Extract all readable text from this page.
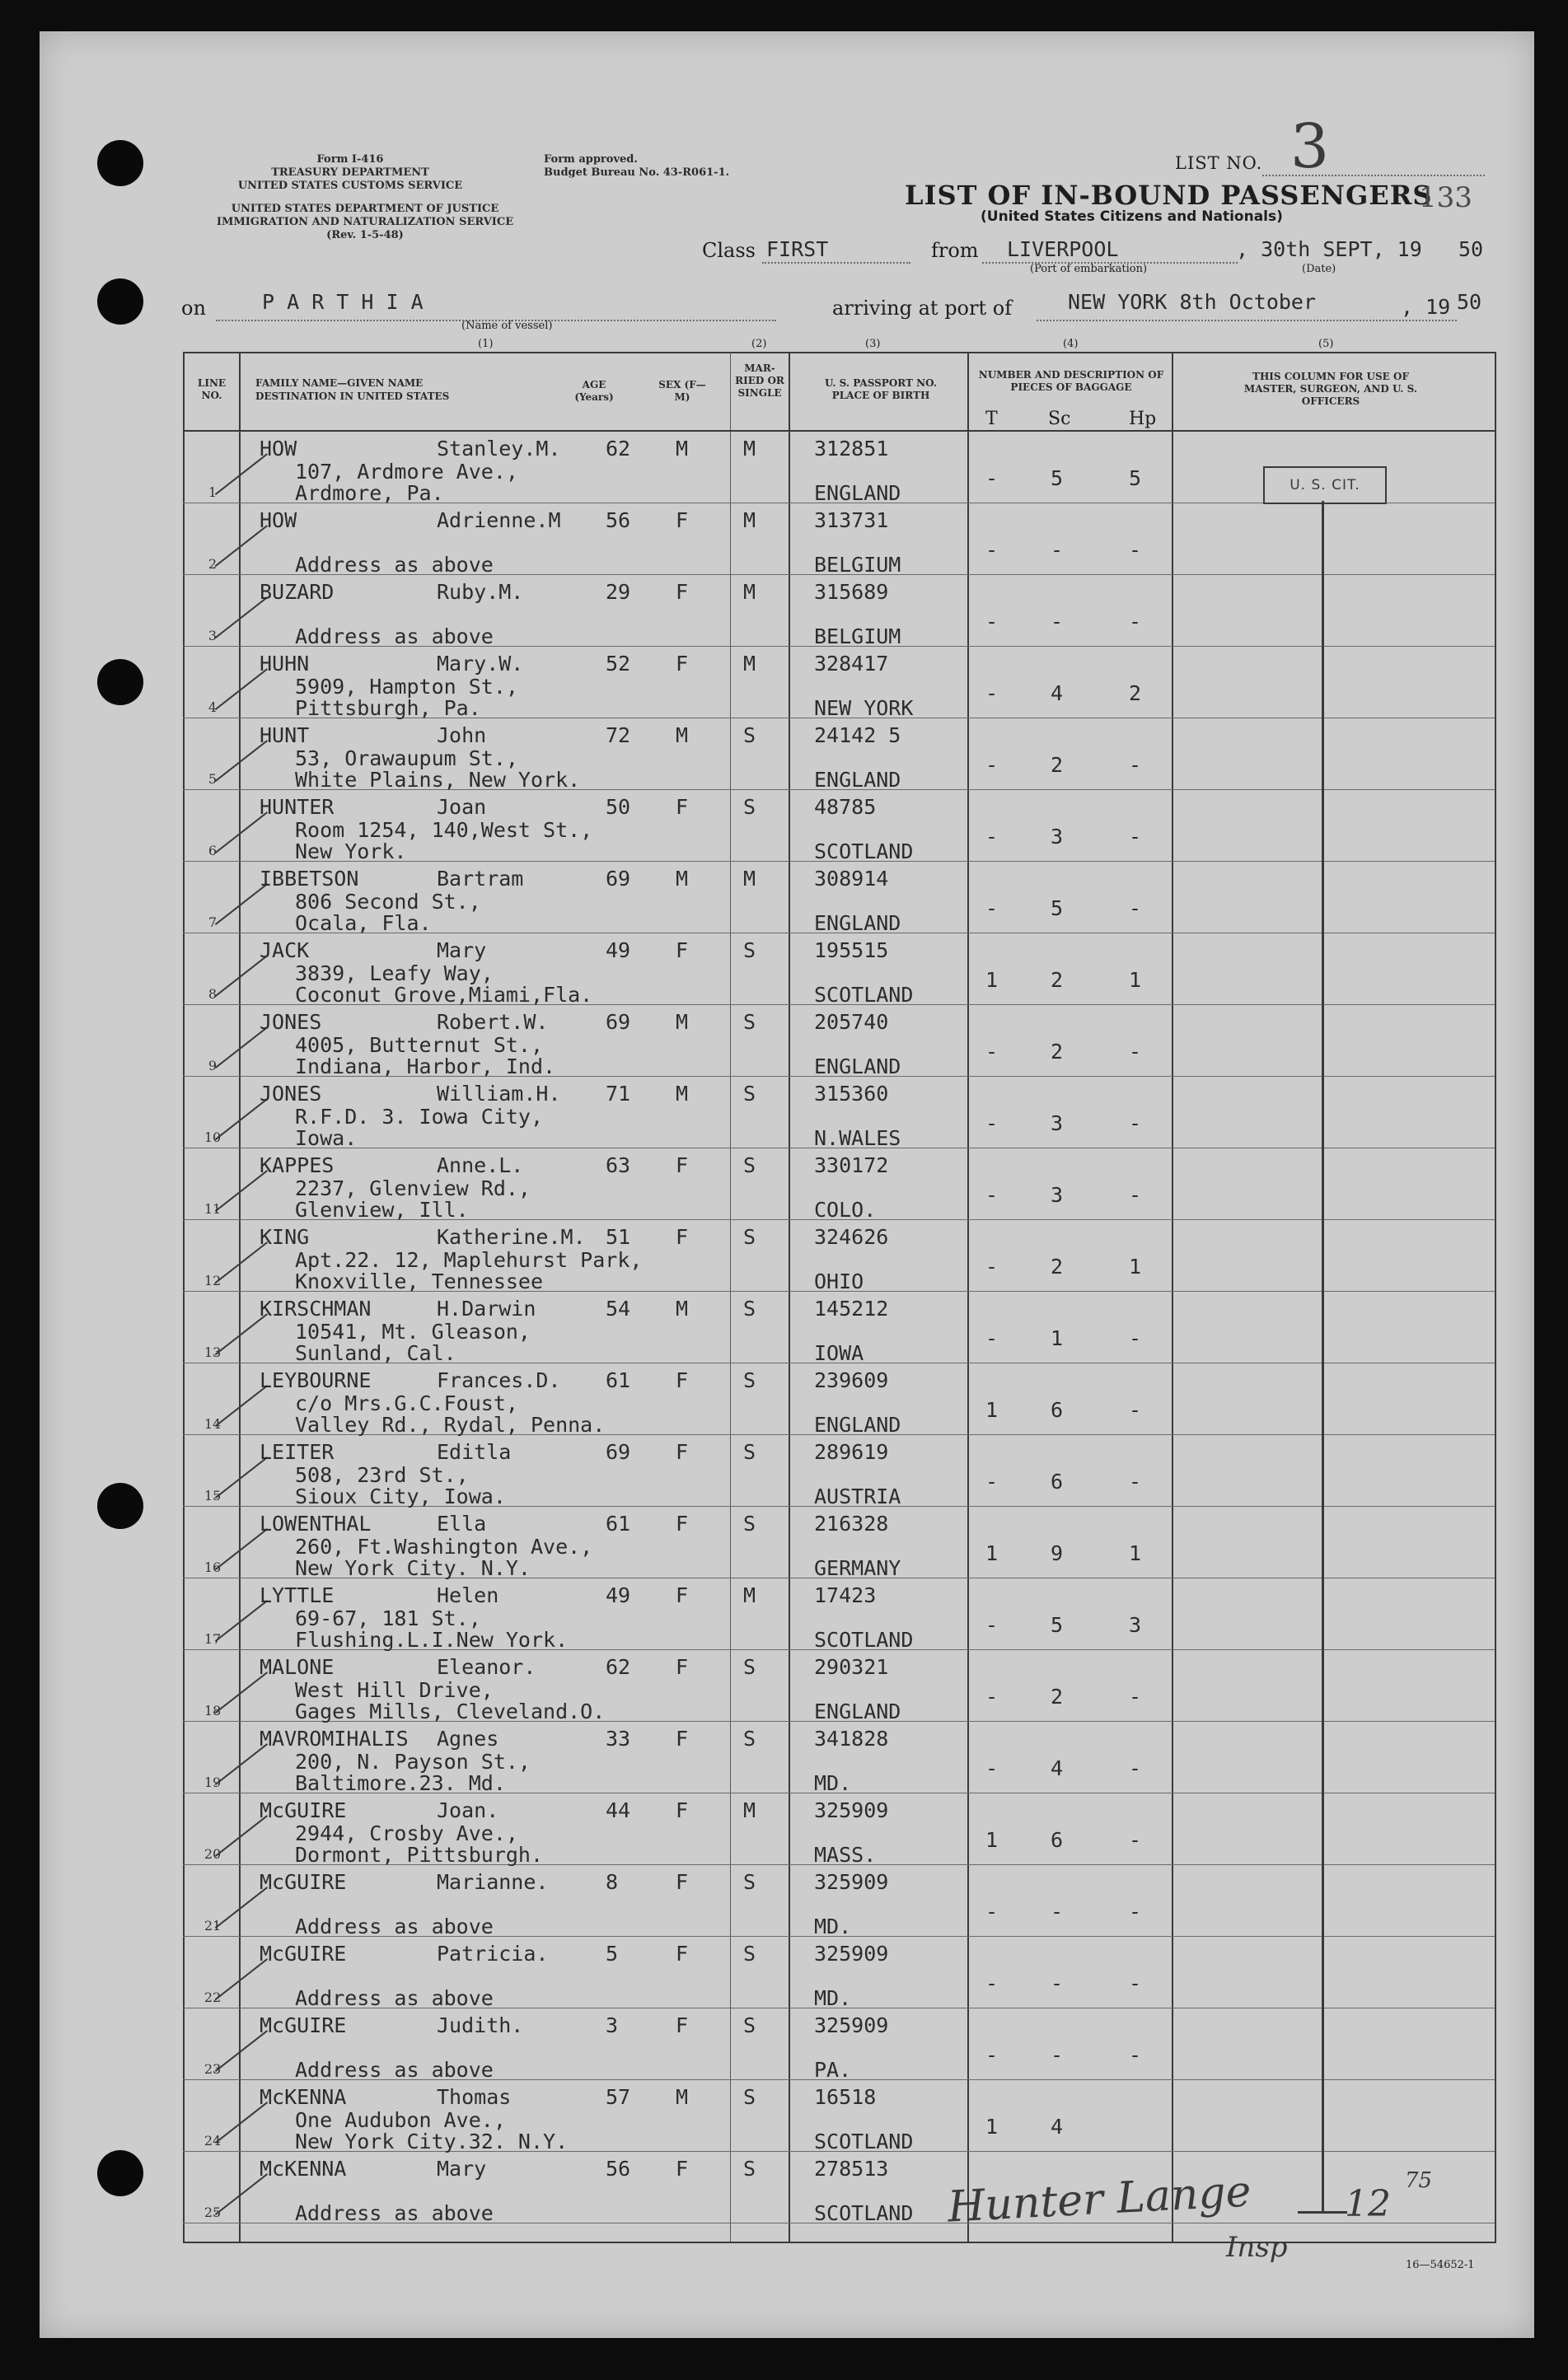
Form I-416
TREASURY DEPARTMENT
UNITED STATES CUSTOMS SERVICE
Form approved.
Budget Bureau No. 43-R061-1.
UNITED STATES DEPARTMENT OF JUSTICE
IMMIGRATION AND NATURALIZATION SERVICE
(Rev. 1-5-48)
LIST NO. 3
LIST OF IN-BOUND PASSENGERS
(United States Citizens and Nationals)
133
Class FIRST	from LIVERPOOL	, 30th SEPT, 19 50
(Port of embarkation)	(Date)
on	P A R T H I A
(Name of vessel)
arriving at port of	NEW YORK 8th October	, 19 50
(1)	(2)	(3)	(4)	(5)
LINE NO.
FAMILY NAME—GIVEN NAME
DESTINATION IN UNITED STATES
AGE (Years)
SEX (F—M)
MAR-RIED OR SINGLE
U. S. PASSPORT NO. PLACE OF BIRTH
NUMBER AND DESCRIPTION OF PIECES OF BAGGAGE
T	Sc	Hp
THIS COLUMN FOR USE OF MASTER, SURGEON, AND U. S. OFFICERS
1
HOW	Stanley.M. 62 M	M	312851
107, Ardmore Ave.,
Ardmore, Pa.	ENGLAND
-	5	5
2
HOW	Adrienne.M 56 F	M	313731
Address as above	BELGIUM
-	-	-
3
BUZARD	Ruby.M.	29 F	M	315689
Address as above	BELGIUM
-	-	-
4
HUHN	Mary.W.	52 F	M	328417
5909, Hampton St.,
Pittsburgh, Pa.	NEW YORK
-	4	2
5
HUNT	John	72 M	S	24142 5
53, Orawaupum St.,
White Plains, New York.	ENGLAND
-	2	-
6
HUNTER	Joan	50 F	S	48785
Room 1254, 140,West St.,
New York.	SCOTLAND
-	3	-
7
IBBETSON	Bartram	69 M	M	308914
806 Second St.,
Ocala, Fla.	ENGLAND
-	5	-
8
JACK	Mary	49 F	S	195515
3839, Leafy Way,
Coconut Grove,Miami,Fla.	SCOTLAND
1	2	1
9
JONES	Robert.W.	69 M	S	205740
4005, Butternut St.,
Indiana, Harbor, Ind.	ENGLAND
-	2	-
10
JONES	William.H. 71 M	S	315360
R.F.D. 3. Iowa City,
Iowa.	N.WALES
-	3	-
11
KAPPES	Anne.L.	63 F	S	330172
2237, Glenview Rd.,
Glenview, Ill.	COLO.
-	3	-
12
KING	Katherine.M. 51 F	S	324626
Apt.22. 12, Maplehurst Park,
Knoxville, Tennessee	OHIO
-	2	1
13
KIRSCHMAN	H.Darwin	54 M	S	145212
10541, Mt. Gleason,
Sunland, Cal.	IOWA
-	1	-
14
LEYBOURNE	Frances.D. 61 F	S	239609
c/o Mrs.G.C.Foust,
Valley Rd., Rydal, Penna.	ENGLAND
1	6	-
15
LEITER	Editla	69 F	S	289619
508, 23rd St.,
Sioux City, Iowa.	AUSTRIA
-	6	-
16
LOWENTHAL	Ella	61 F	S	216328
260, Ft.Washington Ave.,
New York City. N.Y.	GERMANY
1	9	1
17
LYTTLE	Helen	49 F	M	17423
69-67, 181 St.,
Flushing.L.I.New York.	SCOTLAND
-	5	3
18
MALONE	Eleanor.	62 F	S	290321
West Hill Drive,
Gages Mills, Cleveland.O.	ENGLAND
-	2	-
19
MAVROMIHALIS Agnes	33 F	S	341828
200, N. Payson St.,
Baltimore.23. Md.	MD.
-	4	-
20
McGUIRE	Joan.	44 F	M	325909
2944, Crosby Ave.,
Dormont, Pittsburgh.	MASS.
1	6	-
21
McGUIRE	Marianne.	8	F	S	325909
Address as above	MD.
-	-	-
22
McGUIRE	Patricia.	5	F	S	325909
Address as above	MD.
-	-	-
23
McGUIRE	Judith.	3	F	S	325909
Address as above	PA.
-	-	-
24
McKENNA	Thomas	57 M	S	16518
One Audubon Ave.,
New York City.32. N.Y.	SCOTLAND
1	4
25
McKENNA	Mary	56 F	S	278513
Address as above	SCOTLAND
U. S. CIT.
Hunter Lange
Insp
12
75
16—54652-1
